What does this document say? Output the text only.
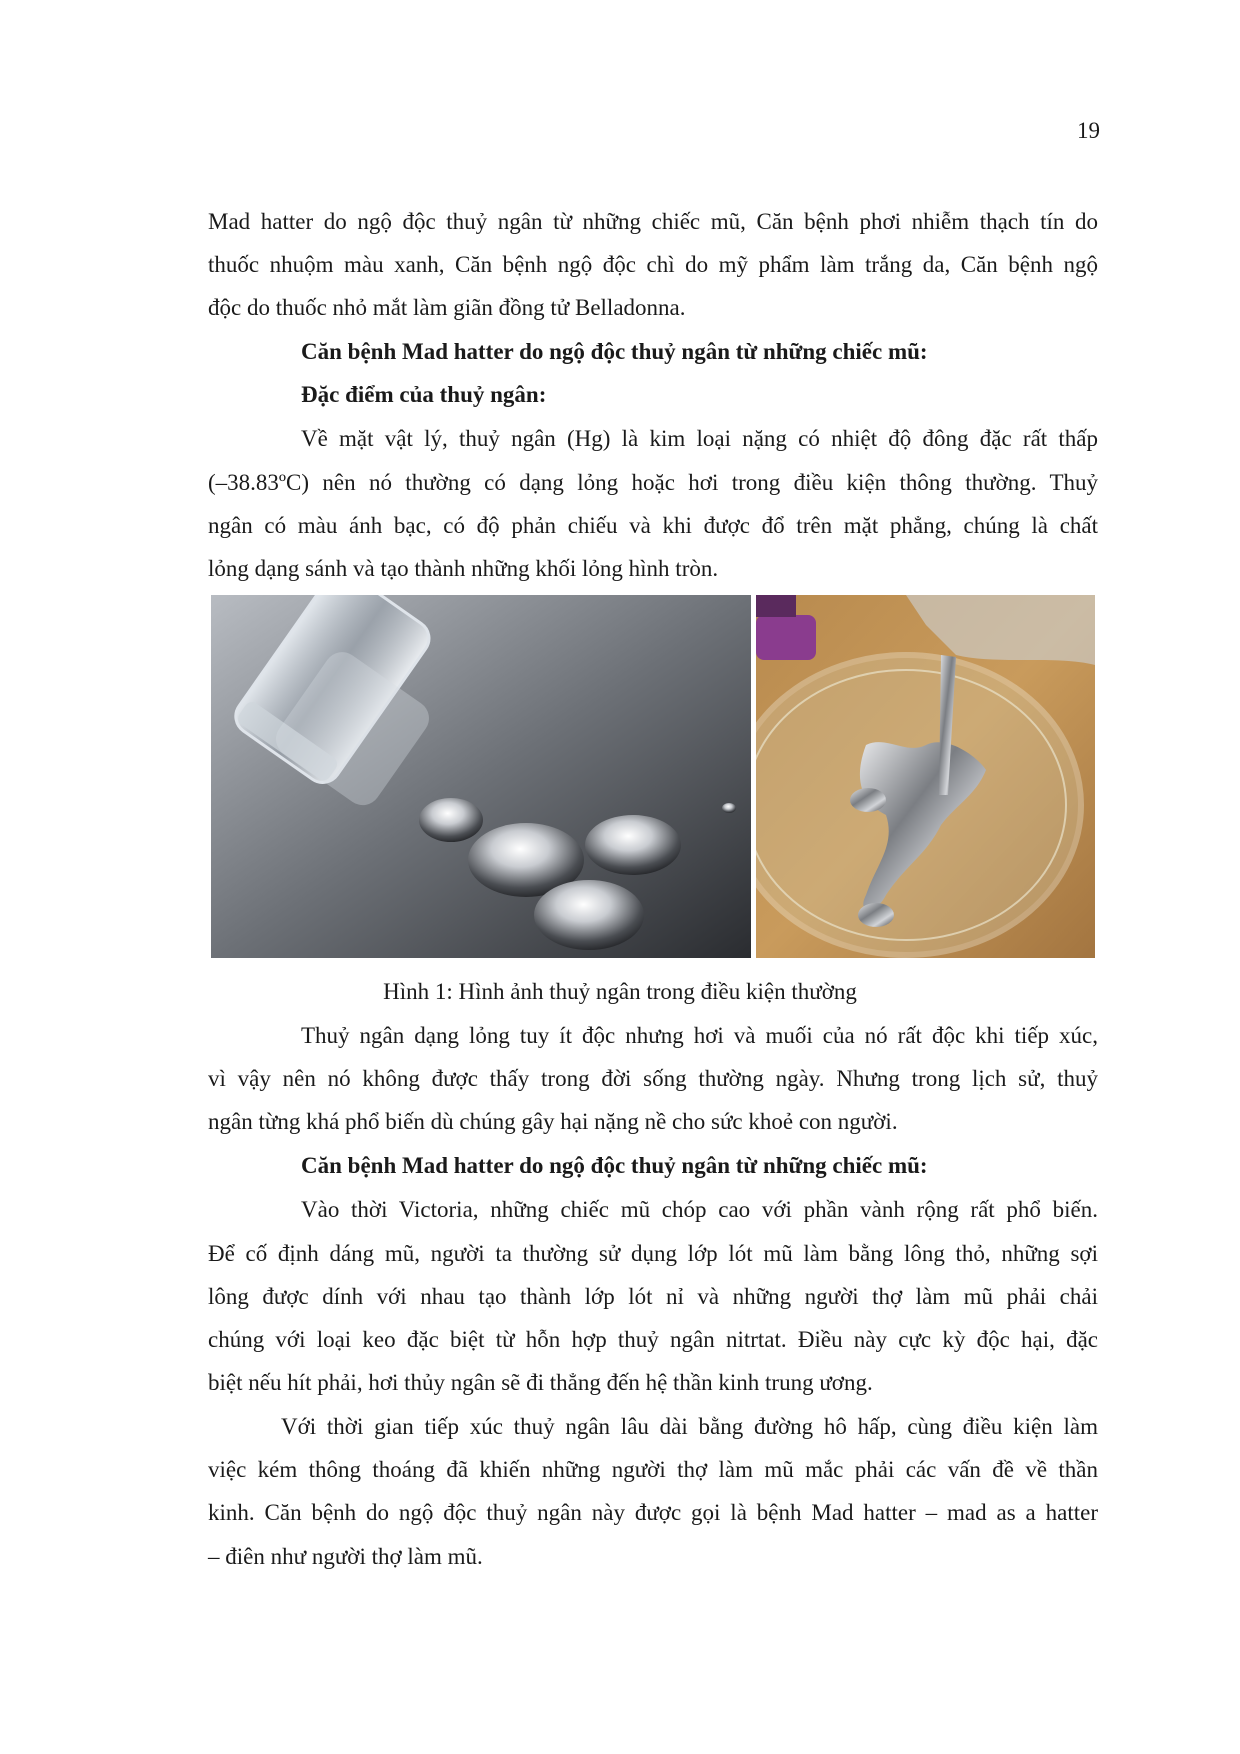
19
Mad hatter do ngộ độc thuỷ ngân từ những chiếc mũ, Căn bệnh phơi nhiễm thạch tín do
thuốc nhuộm màu xanh, Căn bệnh ngộ độc chì do mỹ phẩm làm trắng da, Căn bệnh ngộ
độc do thuốc nhỏ mắt làm giãn đồng tử Belladonna.
Căn bệnh Mad hatter do ngộ độc thuỷ ngân từ những chiếc mũ:
Đặc điểm của thuỷ ngân:
Về mặt vật lý, thuỷ ngân (Hg) là kim loại nặng có nhiệt độ đông đặc rất thấp
(–38.83ºC) nên nó thường có dạng lỏng hoặc hơi trong điều kiện thông thường. Thuỷ
ngân có màu ánh bạc, có độ phản chiếu và khi được đổ trên mặt phẳng, chúng là chất
lỏng dạng sánh và tạo thành những khối lỏng hình tròn.
Hình 1: Hình ảnh thuỷ ngân trong điều kiện thường
Thuỷ ngân dạng lỏng tuy ít độc nhưng hơi và muối của nó rất độc khi tiếp xúc,
vì vậy nên nó không được thấy trong đời sống thường ngày. Nhưng trong lịch sử, thuỷ
ngân từng khá phổ biến dù chúng gây hại nặng nề cho sức khoẻ con người.
Căn bệnh Mad hatter do ngộ độc thuỷ ngân từ những chiếc mũ:
Vào thời Victoria, những chiếc mũ chóp cao với phần vành rộng rất phổ biến.
Để cố định dáng mũ, người ta thường sử dụng lớp lót mũ làm bằng lông thỏ, những sợi
lông được dính với nhau tạo thành lớp lót nỉ và những người thợ làm mũ phải chải
chúng với loại keo đặc biệt từ hỗn hợp thuỷ ngân nitrtat. Điều này cực kỳ độc hại, đặc
biệt nếu hít phải, hơi thủy ngân sẽ đi thẳng đến hệ thần kinh trung ương.
Với thời gian tiếp xúc thuỷ ngân lâu dài bằng đường hô hấp, cùng điều kiện làm
việc kém thông thoáng đã khiến những người thợ làm mũ mắc phải các vấn đề về thần
kinh. Căn bệnh do ngộ độc thuỷ ngân này được gọi là bệnh Mad hatter – mad as a hatter
– điên như người thợ làm mũ.
